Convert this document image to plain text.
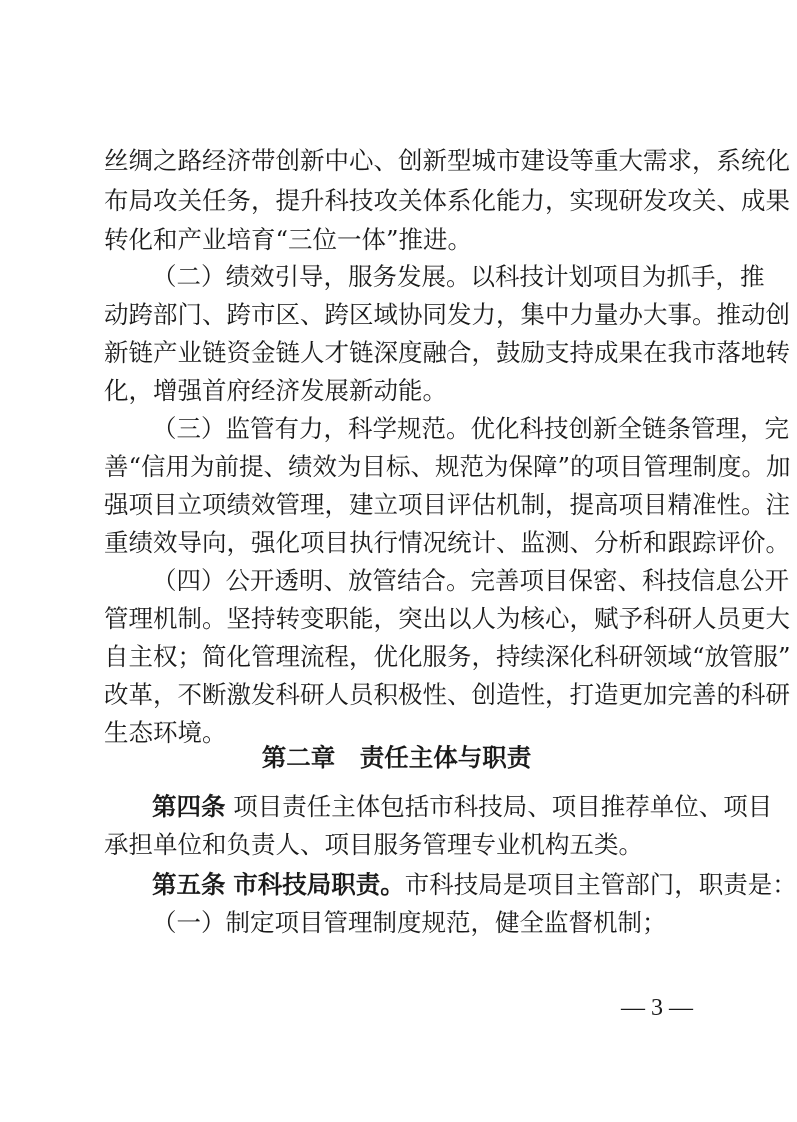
丝绸之路经济带创新中心、创新型城市建设等重大需求，系统化
布局攻关任务，提升科技攻关体系化能力，实现研发攻关、成果
转化和产业培育“三位一体”推进。
（二）绩效引导，服务发展。以科技计划项目为抓手，推
动跨部门、跨市区、跨区域协同发力，集中力量办大事。推动创
新链产业链资金链人才链深度融合，鼓励支持成果在我市落地转
化，增强首府经济发展新动能。
（三）监管有力，科学规范。优化科技创新全链条管理，完
善“信用为前提、绩效为目标、规范为保障”的项目管理制度。加
强项目立项绩效管理，建立项目评估机制，提高项目精准性。注
重绩效导向，强化项目执行情况统计、监测、分析和跟踪评价。
（四）公开透明、放管结合。完善项目保密、科技信息公开
管理机制。坚持转变职能，突出以人为核心，赋予科研人员更大
自主权；简化管理流程，优化服务，持续深化科研领域“放管服”
改革，不断激发科研人员积极性、创造性，打造更加完善的科研
生态环境。
第二章　责任主体与职责
第四条 项目责任主体包括市科技局、项目推荐单位、项目
承担单位和负责人、项目服务管理专业机构五类。
第五条 市科技局职责。市科技局是项目主管部门，职责是：
（一）制定项目管理制度规范，健全监督机制；
— 3 —
